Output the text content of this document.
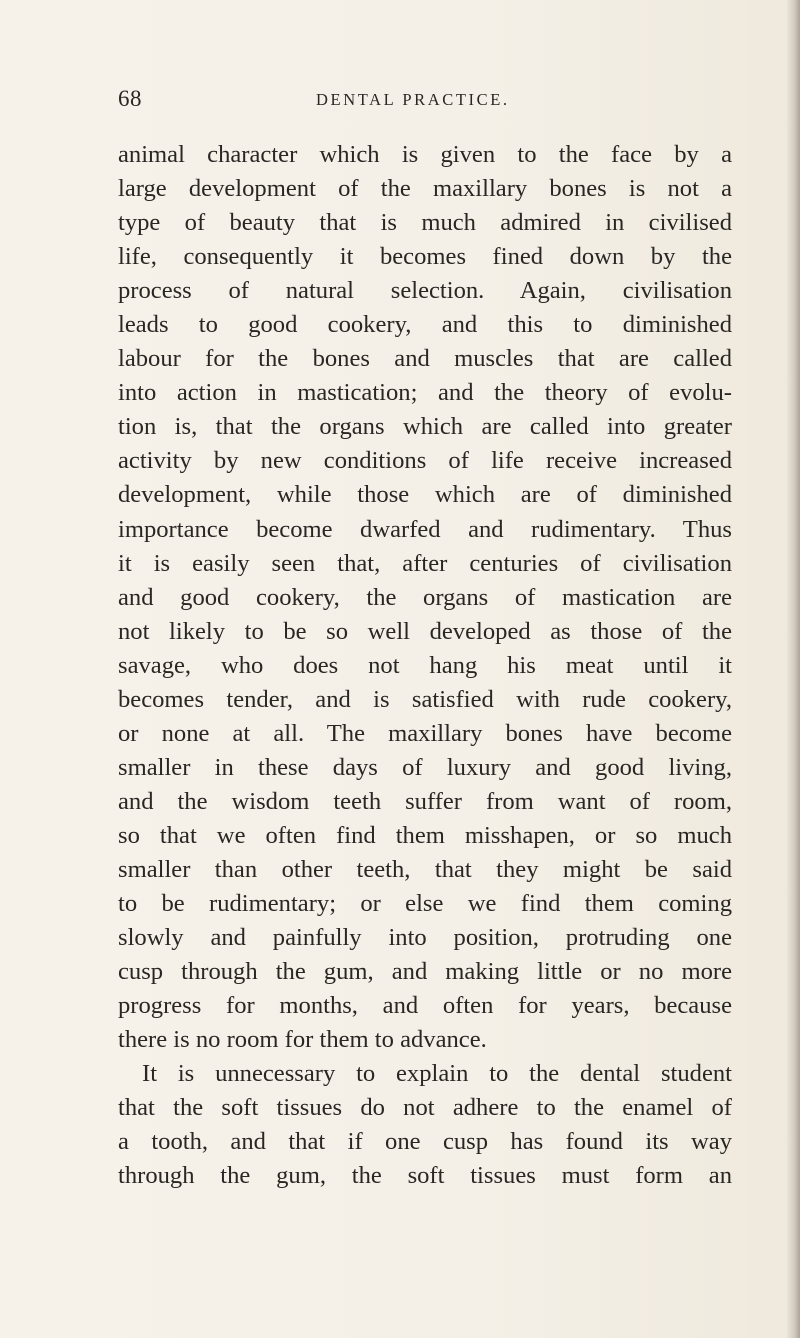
68	DENTAL PRACTICE.
animal character which is given to the face by a
large development of the maxillary bones is not a
type of beauty that is much admired in civilised
life, consequently it becomes fined down by the
process of natural selection. Again, civilisation
leads to good cookery, and this to diminished
labour for the bones and muscles that are called
into action in mastication; and the theory of evolu-
tion is, that the organs which are called into greater
activity by new conditions of life receive increased
development, while those which are of diminished
importance become dwarfed and rudimentary. Thus
it is easily seen that, after centuries of civilisation
and good cookery, the organs of mastication are
not likely to be so well developed as those of the
savage, who does not hang his meat until it
becomes tender, and is satisfied with rude cookery,
or none at all. The maxillary bones have become
smaller in these days of luxury and good living,
and the wisdom teeth suffer from want of room,
so that we often find them misshapen, or so much
smaller than other teeth, that they might be said
to be rudimentary; or else we find them coming
slowly and painfully into position, protruding one
cusp through the gum, and making little or no more
progress for months, and often for years, because
there is no room for them to advance.
It is unnecessary to explain to the dental student
that the soft tissues do not adhere to the enamel of
a tooth, and that if one cusp has found its way
through the gum, the soft tissues must form an
